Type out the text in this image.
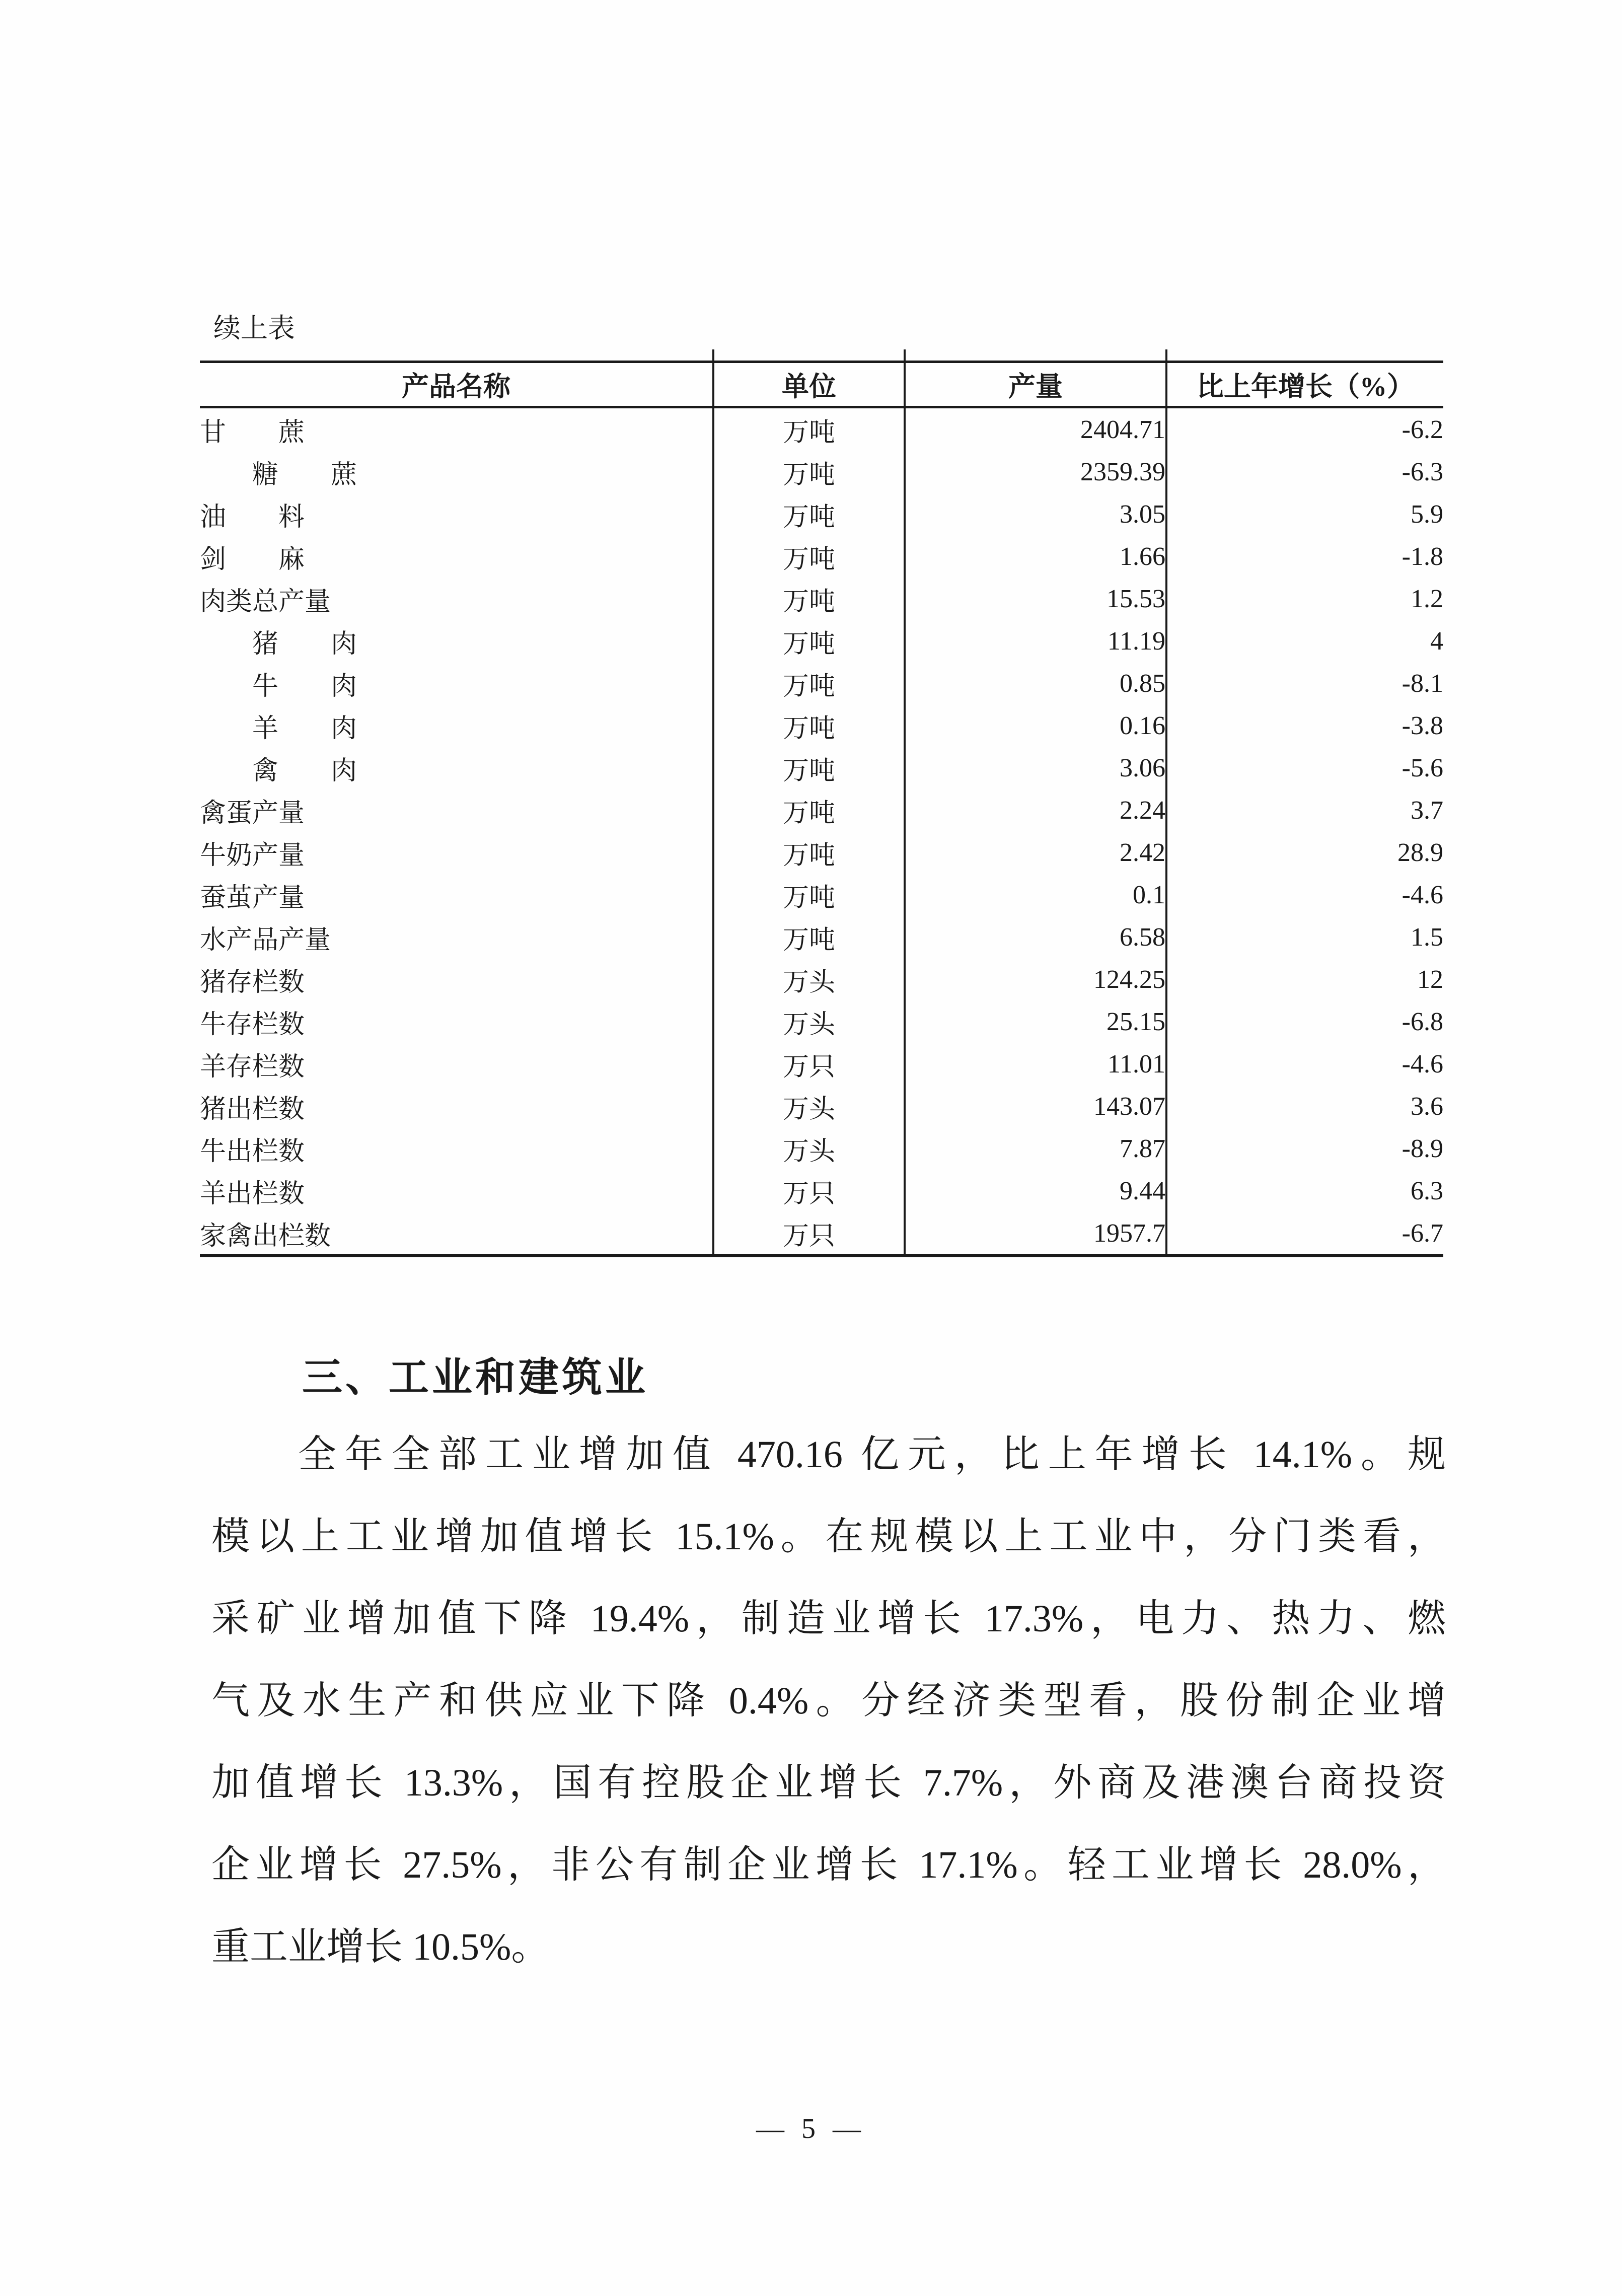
续上表
产品名称	单位	产量	比上年增长（%）
甘　　蔗	万吨	2404.71	-6.2
　　糖　　蔗	万吨	2359.39	-6.3
油　　料	万吨	3.05	5.9
剑　　麻	万吨	1.66	-1.8
肉类总产量	万吨	15.53	1.2
　　猪　　肉	万吨	11.19	4
　　牛　　肉	万吨	0.85	-8.1
　　羊　　肉	万吨	0.16	-3.8
　　禽　　肉	万吨	3.06	-5.6
禽蛋产量	万吨	2.24	3.7
牛奶产量	万吨	2.42	28.9
蚕茧产量	万吨	0.1	-4.6
水产品产量	万吨	6.58	1.5
猪存栏数	万头	124.25	12
牛存栏数	万头	25.15	-6.8
羊存栏数	万只	11.01	-4.6
猪出栏数	万头	143.07	3.6
牛出栏数	万头	7.87	-8.9
羊出栏数	万只	9.44	6.3
家禽出栏数	万只	1957.7	-6.7
三、工业和建筑业
全年全部工业增加值 470.16 亿元，比上年增长 14.1%。规
模以上工业增加值增长 15.1%。在规模以上工业中，分门类看，
采矿业增加值下降 19.4%，制造业增长 17.3%，电力、热力、燃
气及水生产和供应业下降 0.4%。分经济类型看，股份制企业增
加值增长 13.3%，国有控股企业增长 7.7%，外商及港澳台商投资
企业增长 27.5%，非公有制企业增长 17.1%。轻工业增长 28.0%，
重工业增长 10.5%。
— 5 —
